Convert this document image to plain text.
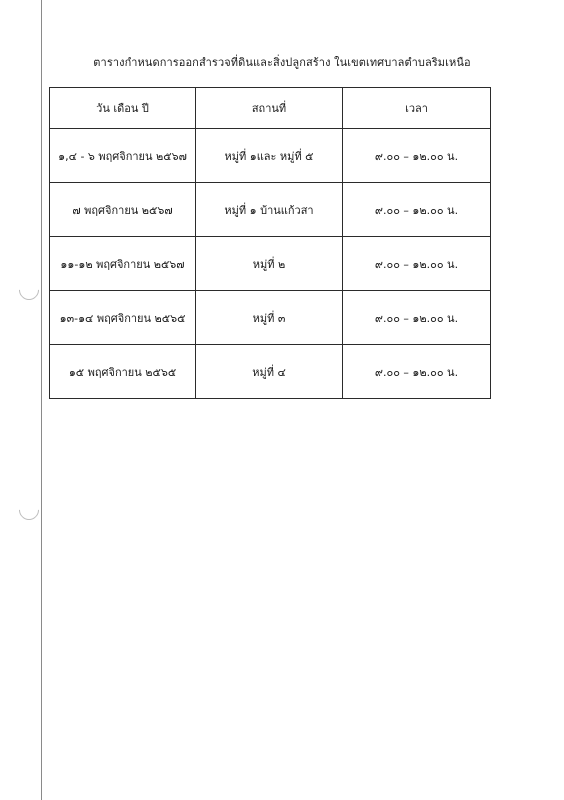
ตารางกำหนดการออกสำรวจที่ดินและสิ่งปลูกสร้าง ในเขตเทศบาลตำบลริมเหนือ
วัน เดือน ปี	สถานที่	เวลา
๑,๔ - ๖ พฤศจิกายน ๒๕๖๗	หมู่ที่ ๑และ หมู่ที่ ๕	๙.๐๐ – ๑๒.๐๐ น.
๗ พฤศจิกายน ๒๕๖๗	หมู่ที่ ๑ บ้านแก้วสา	๙.๐๐ – ๑๒.๐๐ น.
๑๑-๑๒ พฤศจิกายน ๒๕๖๗	หมู่ที่ ๒	๙.๐๐ – ๑๒.๐๐ น.
๑๓-๑๔ พฤศจิกายน ๒๕๖๕	หมู่ที่ ๓	๙.๐๐ – ๑๒.๐๐ น.
๑๕ พฤศจิกายน ๒๕๖๕	หมู่ที่ ๔	๙.๐๐ – ๑๒.๐๐ น.
